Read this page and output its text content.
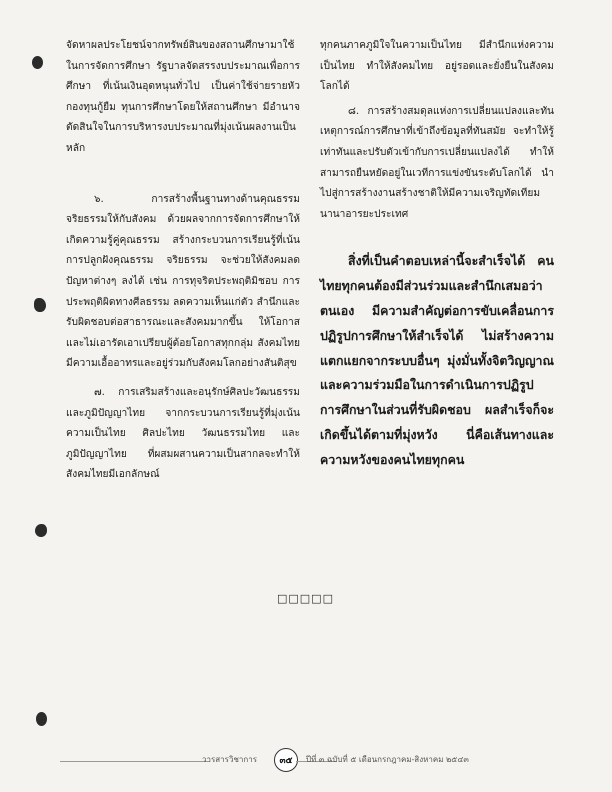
จัดหาผลประโยชน์จากทรัพย์สินของสถานศึกษามาใช้ในการจัดการศึกษา รัฐบาลจัดสรรงบประมาณเพื่อการศึกษา ที่เน้นเงินอุดหนุนทั่วไป เป็นค่าใช้จ่ายรายหัว กองทุนกู้ยืม ทุนการศึกษาโดยให้สถานศึกษา มีอำนาจตัดสินใจในการบริหารงบประมาณที่มุ่งเน้นผลงานเป็นหลัก

๖. การสร้างพื้นฐานทางด้านคุณธรรม จริยธรรมให้กับสังคม ด้วยผลจากการจัดการศึกษาให้เกิดความรู้คู่คุณธรรม สร้างกระบวนการเรียนรู้ที่เน้นการปลูกฝังคุณธรรม จริยธรรม จะช่วยให้สังคมลดปัญหาต่างๆ ลงได้ เช่น การทุจริตประพฤติมิชอบ การประพฤติผิดทางศีลธรรม ลดความเห็นแก่ตัว สำนึกและรับผิดชอบต่อสาธารณะและสังคมมากขึ้น ให้โอกาสและไม่เอารัดเอาเปรียบผู้ด้อยโอกาสทุกกลุ่ม สังคมไทยมีความเอื้ออาทรและอยู่ร่วมกับสังคมโลกอย่างสันติสุข

๗. การเสริมสร้างและอนุรักษ์ศิลปะวัฒนธรรม และภูมิปัญญาไทย จากกระบวนการเรียนรู้ที่มุ่งเน้นความเป็นไทย ศิลปะไทย วัฒนธรรมไทย และภูมิปัญญาไทย ที่ผสมผสานความเป็นสากลจะทำให้สังคมไทยมีเอกลักษณ์

ทุกคนภาคภูมิใจในความเป็นไทย มีสำนึกแห่งความเป็นไทย ทำให้สังคมไทย อยู่รอดและยั่งยืนในสังคมโลกได้

๘. การสร้างสมดุลแห่งการเปลี่ยนแปลงและทันเหตุการณ์การศึกษาที่เข้าถึงข้อมูลที่ทันสมัย จะทำให้รู้เท่าทันและปรับตัวเข้ากับการเปลี่ยนแปลงได้ ทำให้สามารถยืนหยัดอยู่ในเวทีการแข่งขันระดับโลกได้ นำไปสู่การสร้างงานสร้างชาติให้มีความเจริญทัดเทียมนานาอารยะประเทศ

สิ่งที่เป็นคำตอบเหล่านี้จะสำเร็จได้ คนไทยทุกคนต้องมีส่วนร่วมและสำนึกเสมอว่าตนเอง มีความสำคัญต่อการขับเคลื่อนการปฏิรูปการศึกษาให้สำเร็จได้ ไม่สร้างความแตกแยกจากระบบอื่นๆ มุ่งมั่นทั้งจิตวิญญาณ และความร่วมมือในการดำเนินการปฏิรูปการศึกษาในส่วนที่รับผิดชอบ ผลสำเร็จก็จะเกิดขึ้นได้ตามที่มุ่งหวัง นี่คือเส้นทางและความหวังของคนไทยทุกคน

□□□□□
วารสารวิชาการ	๓๕ ปีที่ ๓ ฉบับที่ ๕ เดือนกรกฎาคม-สิงหาคม ๒๕๔๓
